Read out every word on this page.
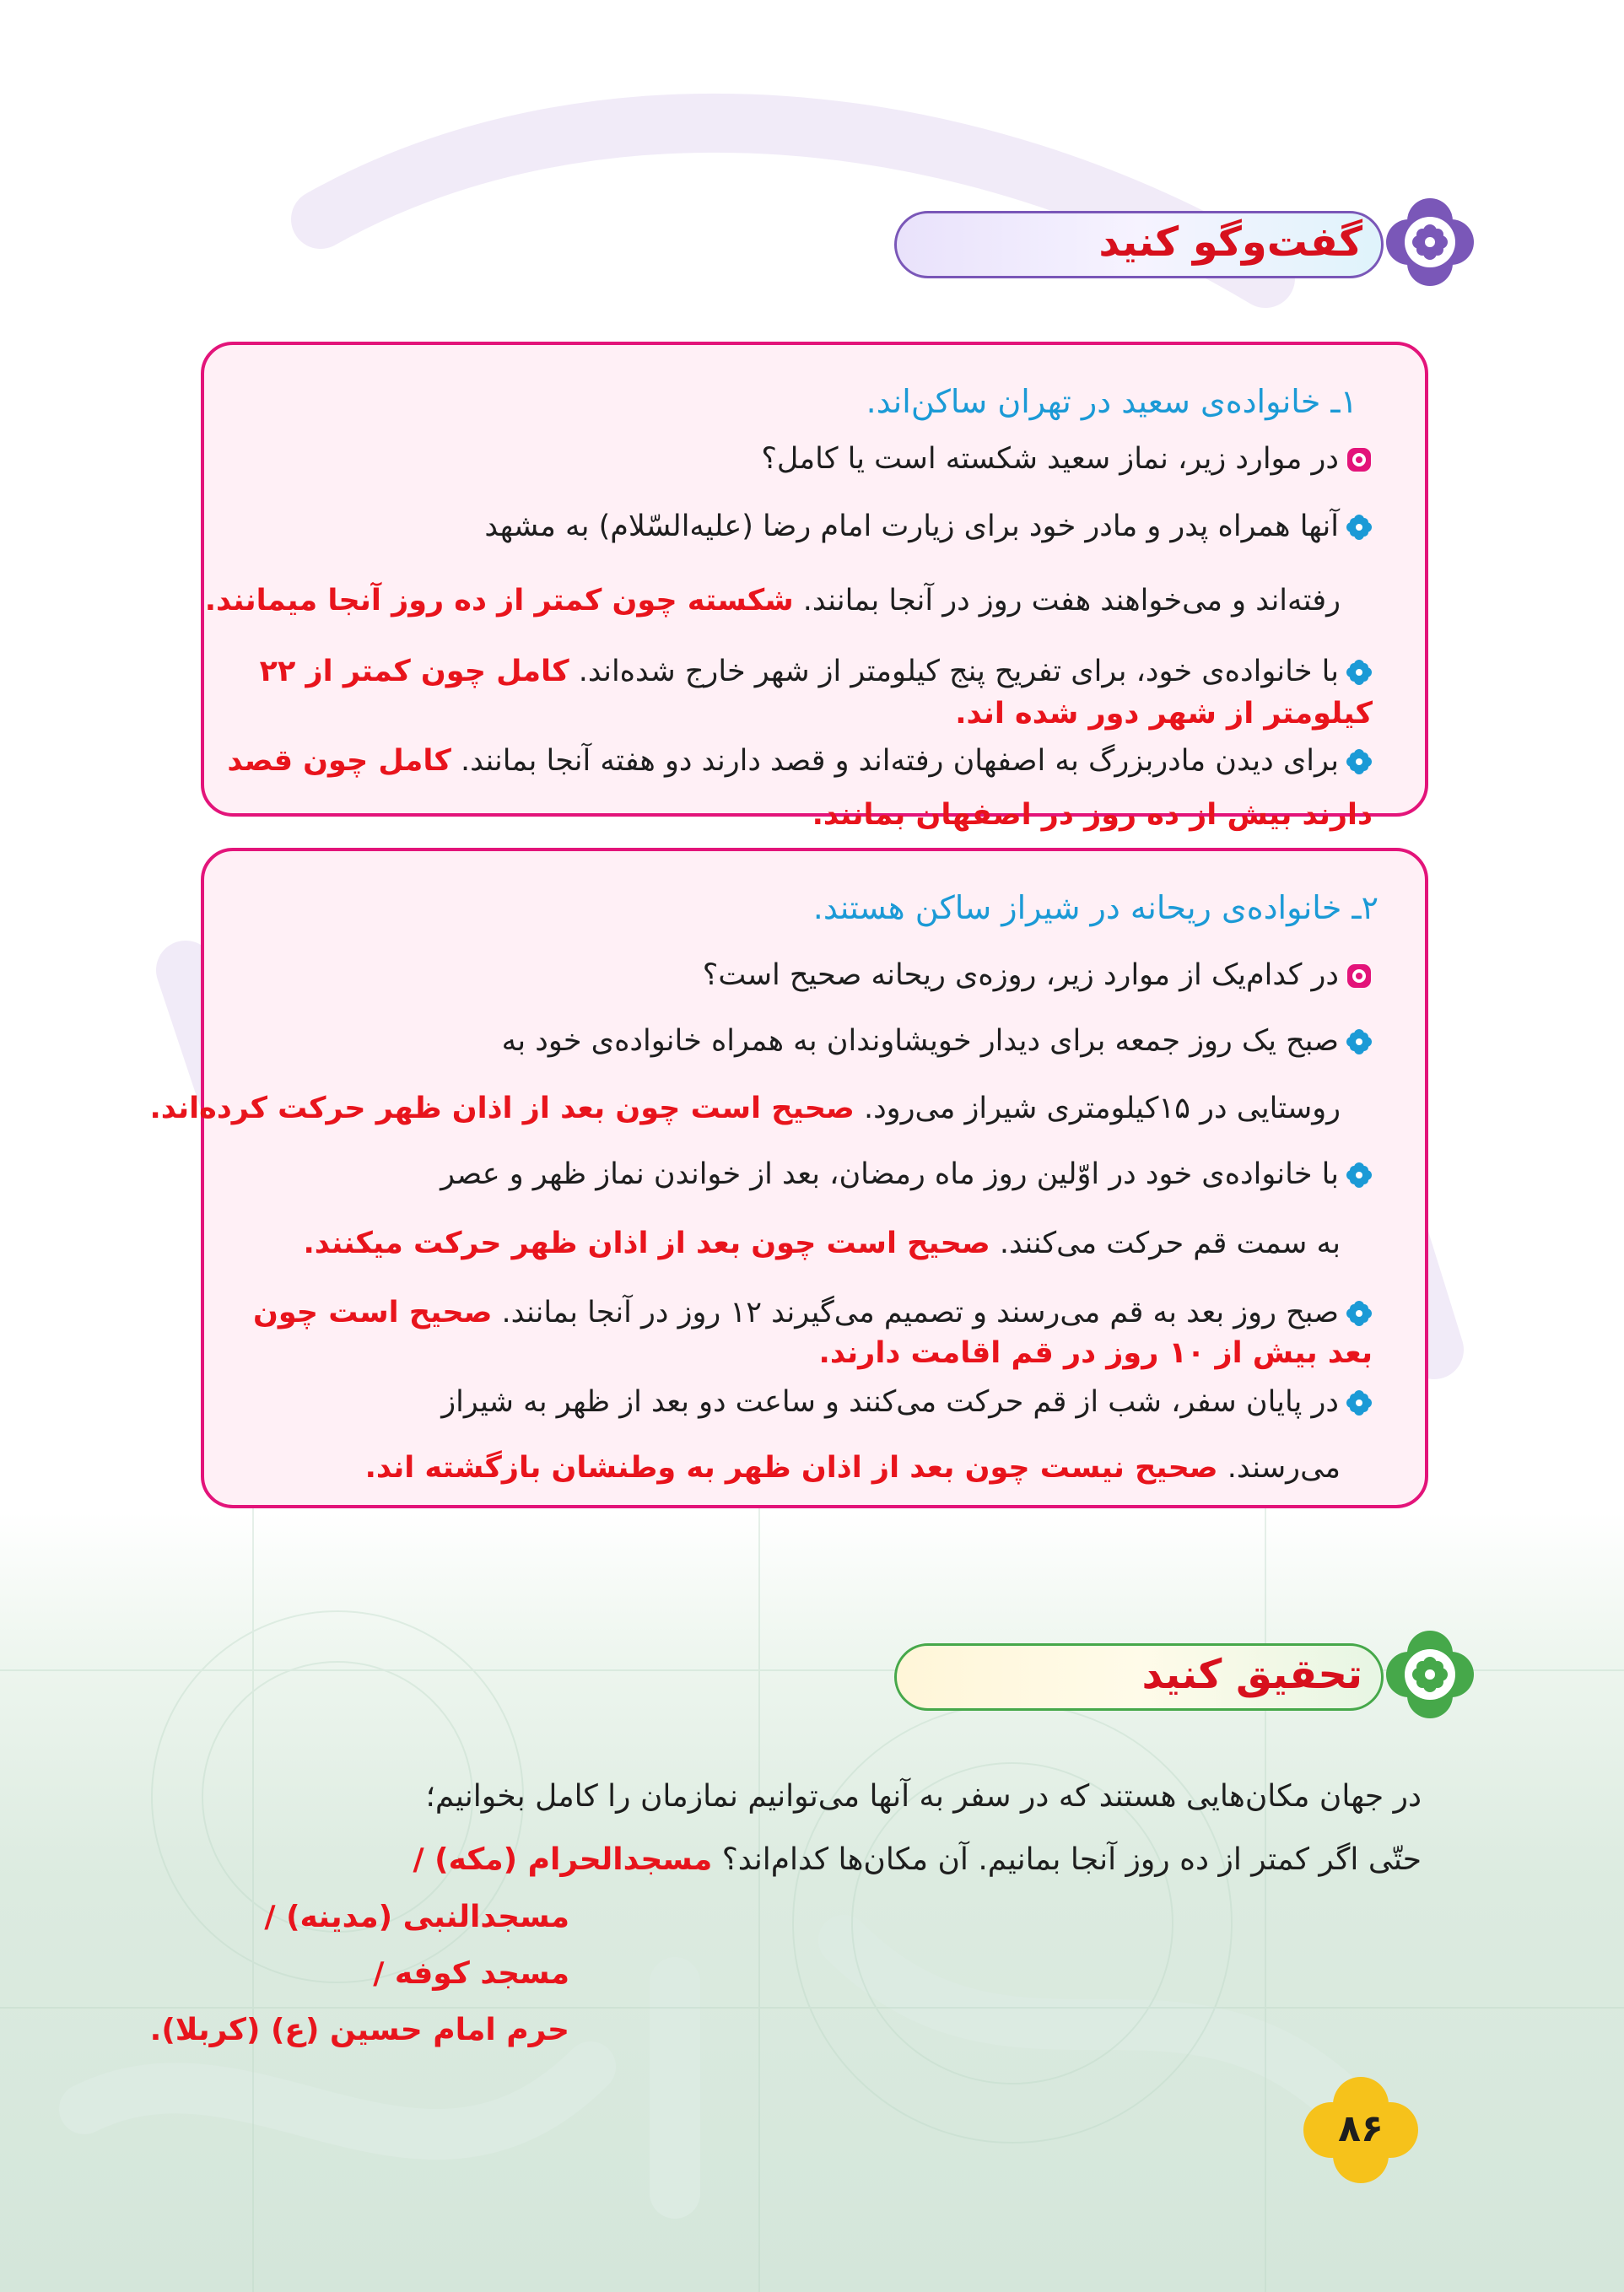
گفت‌وگو کنید
۱ـ خانواده‌ی سعید در تهران ساکن‌اند.
در موارد زیر، نماز سعید شکسته است یا کامل؟
آنها همراه پدر و مادر خود برای زیارت امام رضا (علیه‌السّلام) به مشهد
رفته‌اند و می‌خواهند هفت روز در آنجا بمانند. شکسته چون کمتر از ده روز آنجا میمانند.
با خانواده‌ی خود، برای تفریح پنج کیلومتر از شهر خارج شده‌اند. کامل چون کمتر از ۲۲
کیلومتر از شهر دور شده اند.
برای دیدن مادربزرگ به اصفهان رفته‌اند و قصد دارند دو هفته آنجا بمانند. کامل چون قصد
دارند بیش از ده روز در اصفهان بمانند.
۲ـ خانواده‌ی ریحانه در شیراز ساکن هستند.
در کدام‌یک از موارد زیر، روزه‌ی ریحانه صحیح است؟
صبح یک روز جمعه برای دیدار خویشاوندان به همراه خانواده‌ی خود به
روستایی در ۱۵کیلومتری شیراز می‌رود. صحیح است چون بعد از اذان ظهر حرکت کرده‌اند.
با خانواده‌ی خود در اوّلین روز ماه رمضان، بعد از خواندن نماز ظهر و عصر
به سمت قم حرکت می‌کنند. صحیح است چون بعد از اذان ظهر حرکت میکنند.
صبح روز بعد به قم می‌رسند و تصمیم می‌گیرند ۱۲ روز در آنجا بمانند. صحیح است چون
بعد بیش از ۱۰ روز در قم اقامت دارند.
در پایان سفر، شب از قم حرکت می‌کنند و ساعت دو بعد از ظهر به شیراز
می‌رسند. صحیح نیست چون بعد از اذان ظهر به وطنشان بازگشته اند.
تحقیق کنید
در جهان مکان‌هایی هستند که در سفر به آنها می‌توانیم نمازمان را کامل بخوانیم؛
حتّی اگر کمتر از ده روز آنجا بمانیم. آن مکان‌ها کدام‌اند؟ مسجدالحرام (مکه) /
مسجدالنبی (مدینه) /
مسجد کوفه /
حرم امام حسین (ع) (کربلا).
۸۶
